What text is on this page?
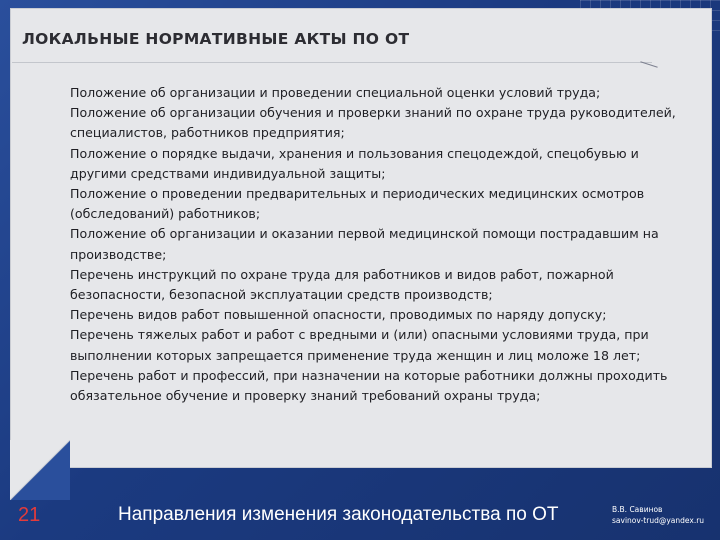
ЛОКАЛЬНЫЕ НОРМАТИВНЫЕ АКТЫ ПО ОТ
Положение об организации и проведении специальной оценки условий труда;
Положение об организации обучения и проверки знаний по охране труда руководителей, специалистов, работников предприятия;
Положение о порядке выдачи, хранения и пользования спецодеждой, спецобувью и другими средствами индивидуальной защиты;
Положение о проведении предварительных и периодических медицинских осмотров (обследований) работников;
Положение об организации и оказании первой медицинской помощи пострадавшим на производстве;
Перечень инструкций по охране труда для работников и видов работ, пожарной безопасности, безопасной эксплуатации средств производств;
Перечень видов работ повышенной опасности, проводимых по наряду допуску;
Перечень тяжелых работ и работ с вредными и (или) опасными условиями труда, при выполнении которых запрещается применение труда женщин и лиц моложе 18 лет;
Перечень работ и профессий, при назначении на которые работники должны проходить обязательное обучение и проверку знаний требований охраны труда;
21	Направления изменения законодательства по ОТ	В.В. Савинов
savinov-trud@yandex.ru
